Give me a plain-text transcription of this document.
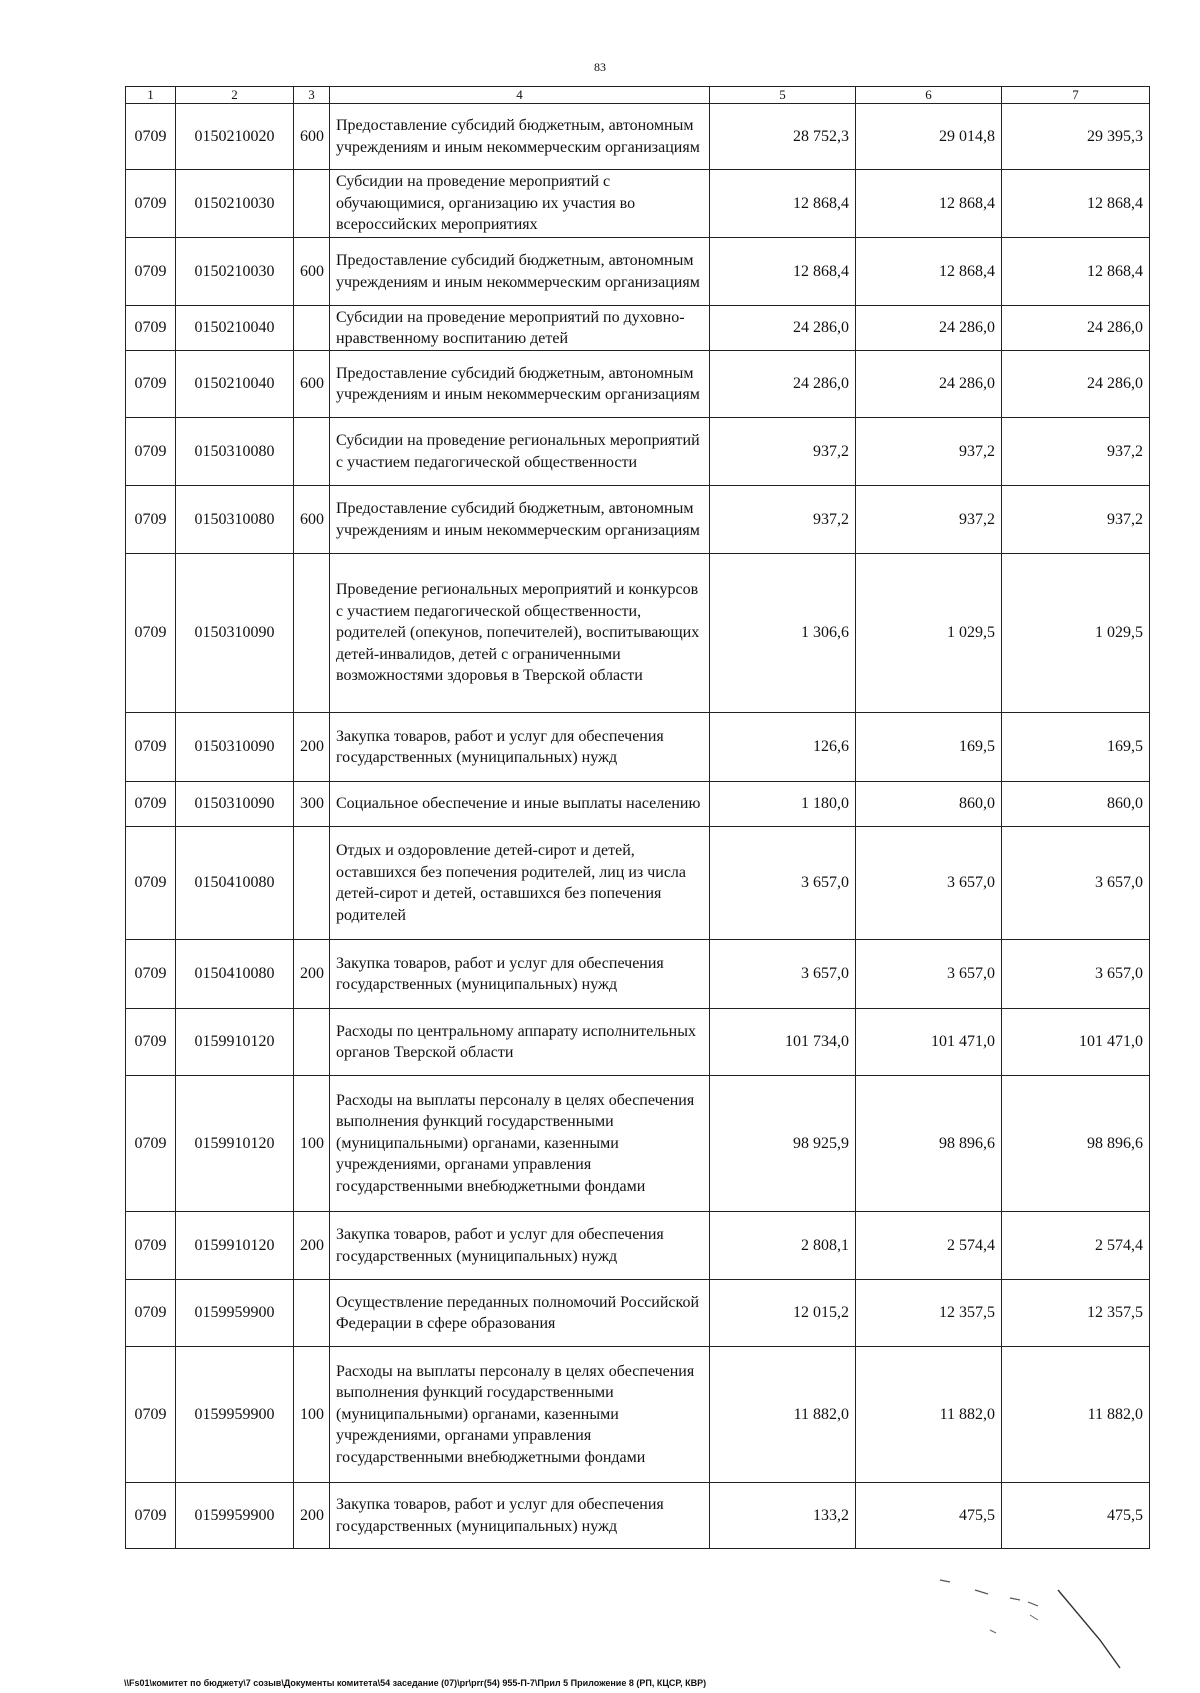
83
1	2	3	4	5	6	7
0709	0150210020	600	Предоставление субсидий бюджетным, автономным учреждениям и иным некоммерческим организациям	28 752,3	29 014,8	29 395,3
0709	0150210030		Субсидии на проведение мероприятий с обучающимися, организацию их участия во всероссийских мероприятиях	12 868,4	12 868,4	12 868,4
0709	0150210030	600	Предоставление субсидий бюджетным, автономным учреждениям и иным некоммерческим организациям	12 868,4	12 868,4	12 868,4
0709	0150210040		Субсидии на проведение мероприятий по духовно-нравственному воспитанию детей	24 286,0	24 286,0	24 286,0
0709	0150210040	600	Предоставление субсидий бюджетным, автономным учреждениям и иным некоммерческим организациям	24 286,0	24 286,0	24 286,0
0709	0150310080		Субсидии на проведение региональных мероприятий с участием педагогической общественности	937,2	937,2	937,2
0709	0150310080	600	Предоставление субсидий бюджетным, автономным учреждениям и иным некоммерческим организациям	937,2	937,2	937,2
0709	0150310090		Проведение региональных мероприятий и конкурсов с участием педагогической общественности, родителей (опекунов, попечителей), воспитывающих детей-инвалидов, детей с ограниченными возможностями здоровья в Тверской области	1 306,6	1 029,5	1 029,5
0709	0150310090	200	Закупка товаров, работ и услуг для обеспечения государственных (муниципальных) нужд	126,6	169,5	169,5
0709	0150310090	300	Социальное обеспечение и иные выплаты населению	1 180,0	860,0	860,0
0709	0150410080		Отдых и оздоровление детей-сирот и детей, оставшихся без попечения родителей, лиц из числа детей-сирот и детей, оставшихся без попечения родителей	3 657,0	3 657,0	3 657,0
0709	0150410080	200	Закупка товаров, работ и услуг для обеспечения государственных (муниципальных) нужд	3 657,0	3 657,0	3 657,0
0709	0159910120		Расходы по центральному аппарату исполнительных органов Тверской области	101 734,0	101 471,0	101 471,0
0709	0159910120	100	Расходы на выплаты персоналу в целях обеспечения выполнения функций государственными (муниципальными) органами, казенными учреждениями, органами управления государственными внебюджетными фондами	98 925,9	98 896,6	98 896,6
0709	0159910120	200	Закупка товаров, работ и услуг для обеспечения государственных (муниципальных) нужд	2 808,1	2 574,4	2 574,4
0709	0159959900		Осуществление переданных полномочий Российской Федерации в сфере образования	12 015,2	12 357,5	12 357,5
0709	0159959900	100	Расходы на выплаты персоналу в целях обеспечения выполнения функций государственными (муниципальными) органами, казенными учреждениями, органами управления государственными внебюджетными фондами	11 882,0	11 882,0	11 882,0
0709	0159959900	200	Закупка товаров, работ и услуг для обеспечения государственных (муниципальных) нужд	133,2	475,5	475,5
\\Fs01\комитет по бюджету\7 созыв\Документы комитета\54 заседание (07)\pr\prг(54) 955-П-7\Прил 5 Приложение 8 (РП, КЦСР, КВР)
